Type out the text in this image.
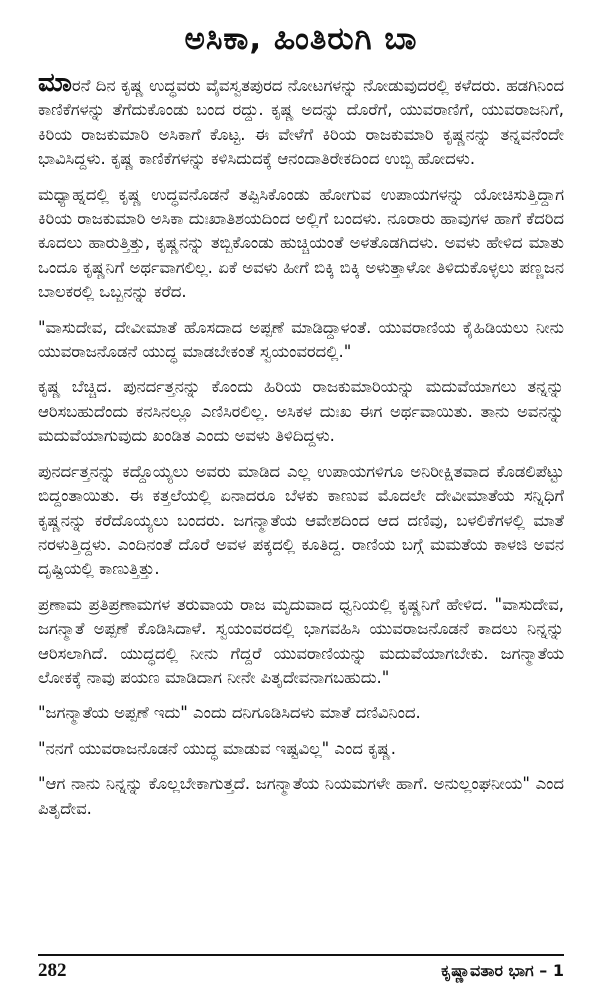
ಅಸಿಕಾ, ಹಿಂತಿರುಗಿ ಬಾ

ಮಾರನೆ ದಿನ ಕೃಷ್ಣ ಉದ್ಧವರು ವೈವಸ್ವತಪುರದ ನೋಟಗಳನ್ನು ನೋಡುವುದರಲ್ಲಿ ಕಳೆದರು. ಹಡಗಿನಿಂದ ಕಾಣಿಕೆಗಳನ್ನು ತೆಗೆದುಕೊಂಡು ಬಂದ ರದ್ದು. ಕೃಷ್ಣ ಅದನ್ನು ದೊರೆಗೆ, ಯುವರಾಣಿಗೆ, ಯುವರಾಜನಿಗೆ, ಕಿರಿಯ ರಾಜಕುಮಾರಿ ಅಸಿಕಾಗೆ ಕೊಟ್ಟ. ಈ ವೇಳೆಗೆ ಕಿರಿಯ ರಾಜಕುಮಾರಿ ಕೃಷ್ಣನನ್ನು ತನ್ನವನೆಂದೇ ಭಾವಿಸಿದ್ದಳು. ಕೃಷ್ಣ ಕಾಣಿಕೆಗಳನ್ನು ಕಳಿಸಿದುದಕ್ಕೆ ಆನಂದಾತಿರೇಕದಿಂದ ಉಬ್ಬಿ ಹೋದಳು.

ಮಧ್ಯಾಹ್ನದಲ್ಲಿ ಕೃಷ್ಣ ಉದ್ಧವನೊಡನೆ ತಪ್ಪಿಸಿಕೊಂಡು ಹೋಗುವ ಉಪಾಯಗಳನ್ನು ಯೋಚಿಸುತ್ತಿದ್ದಾಗ ಕಿರಿಯ ರಾಜಕುಮಾರಿ ಅಸಿಕಾ ದುಃಖಾತಿಶಯದಿಂದ ಅಲ್ಲಿಗೆ ಬಂದಳು. ನೂರಾರು ಹಾವುಗಳ ಹಾಗೆ ಕೆದರಿದ ಕೂದಲು ಹಾರುತ್ತಿತ್ತು, ಕೃಷ್ಣನನ್ನು ತಬ್ಬಿಕೊಂಡು ಹುಚ್ಚಿಯಂತೆ ಅಳತೊಡಗಿದಳು. ಅವಳು ಹೇಳಿದ ಮಾತು ಒಂದೂ ಕೃಷ್ಣನಿಗೆ ಅರ್ಥವಾಗಲಿಲ್ಲ. ಏಕೆ ಅವಳು ಹೀಗೆ ಬಿಕ್ಕಿ ಬಿಕ್ಕಿ ಅಳುತ್ತಾಳೋ ತಿಳಿದುಕೊಳ್ಳಲು ಪಣ್ಣಜನ ಬಾಲಕರಲ್ಲಿ ಒಬ್ಬನನ್ನು ಕರೆದ.

"ವಾಸುದೇವ, ದೇವೀಮಾತೆ ಹೊಸದಾದ ಅಪ್ಪಣೆ ಮಾಡಿದ್ದಾಳಂತೆ. ಯುವರಾಣಿಯ ಕೈಹಿಡಿಯಲು ನೀನು ಯುವರಾಜನೊಡನೆ ಯುದ್ಧ ಮಾಡಬೇಕಂತೆ ಸ್ವಯಂವರದಲ್ಲಿ."

ಕೃಷ್ಣ ಬೆಚ್ಚಿದ. ಪುನರ್ದತ್ತನನ್ನು ಕೊಂದು ಹಿರಿಯ ರಾಜಕುಮಾರಿಯನ್ನು ಮದುವೆಯಾಗಲು ತನ್ನನ್ನು ಆರಿಸಬಹುದೆಂದು ಕನಸಿನಲ್ಲೂ ಎಣಿಸಿರಲಿಲ್ಲ. ಅಸಿಕಳ ದುಃಖ ಈಗ ಅರ್ಥವಾಯಿತು. ತಾನು ಅವನನ್ನು ಮದುವೆಯಾಗುವುದು ಖಂಡಿತ ಎಂದು ಅವಳು ತಿಳಿದಿದ್ದಳು.

ಪುನರ್ದತ್ತನನ್ನು ಕದ್ದೊಯ್ಯಲು ಅವರು ಮಾಡಿದ ಎಲ್ಲ ಉಪಾಯಗಳಿಗೂ ಅನಿರೀಕ್ಷಿತವಾದ ಕೊಡಲಿಪೆಟ್ಟು ಬಿದ್ದಂತಾಯಿತು. ಈ ಕತ್ತಲೆಯಲ್ಲಿ ಏನಾದರೂ ಬೆಳಕು ಕಾಣುವ ಮೊದಲೇ ದೇವೀಮಾತೆಯ ಸನ್ನಿಧಿಗೆ ಕೃಷ್ಣನನ್ನು ಕರೆದೊಯ್ಯಲು ಬಂದರು. ಜಗನ್ಮಾತೆಯ ಆವೇಶದಿಂದ ಆದ ದಣಿವು, ಬಳಲಿಕೆಗಳಲ್ಲಿ ಮಾತೆ ನರಳುತ್ತಿದ್ದಳು. ಎಂದಿನಂತೆ ದೊರೆ ಅವಳ ಪಕ್ಕದಲ್ಲಿ ಕೂತಿದ್ದ. ರಾಣಿಯ ಬಗ್ಗೆ ಮಮತೆಯ ಕಾಳಜಿ ಅವನ ದೃಷ್ಟಿಯಲ್ಲಿ ಕಾಣುತ್ತಿತ್ತು.

ಪ್ರಣಾಮ ಪ್ರತಿಪ್ರಣಾಮಗಳ ತರುವಾಯ ರಾಜ ಮೃದುವಾದ ಧ್ವನಿಯಲ್ಲಿ ಕೃಷ್ಣನಿಗೆ ಹೇಳಿದ. "ವಾಸುದೇವ, ಜಗನ್ಮಾತೆ ಅಪ್ಪಣೆ ಕೊಡಿಸಿದಾಳೆ. ಸ್ವಯಂವರದಲ್ಲಿ ಭಾಗವಹಿಸಿ ಯುವರಾಜನೊಡನೆ ಕಾದಲು ನಿನ್ನನ್ನು ಆರಿಸಲಾಗಿದೆ. ಯುದ್ಧದಲ್ಲಿ ನೀನು ಗೆದ್ದರೆ ಯುವರಾಣಿಯನ್ನು ಮದುವೆಯಾಗಬೇಕು. ಜಗನ್ಮಾತೆಯ ಲೋಕಕ್ಕೆ ನಾವು ಪಯಣ ಮಾಡಿದಾಗ ನೀನೇ ಪಿತೃದೇವನಾಗಬಹುದು."

"ಜಗನ್ಮಾತೆಯ ಅಪ್ಪಣೆ ಇದು" ಎಂದು ದನಿಗೂಡಿಸಿದಳು ಮಾತೆ ದಣಿವಿನಿಂದ.

"ನನಗೆ ಯುವರಾಜನೊಡನೆ ಯುದ್ಧ ಮಾಡುವ ಇಷ್ಟವಿಲ್ಲ" ಎಂದ ಕೃಷ್ಣ.

"ಆಗ ನಾನು ನಿನ್ನನ್ನು ಕೊಲ್ಲಬೇಕಾಗುತ್ತದೆ. ಜಗನ್ಮಾತೆಯ ನಿಯಮಗಳೇ ಹಾಗೆ. ಅನುಲ್ಲಂಘನೀಯ" ಎಂದ ಪಿತೃದೇವ.

282	ಕೃಷ್ಣಾವತಾರ ಭಾಗ – 1
